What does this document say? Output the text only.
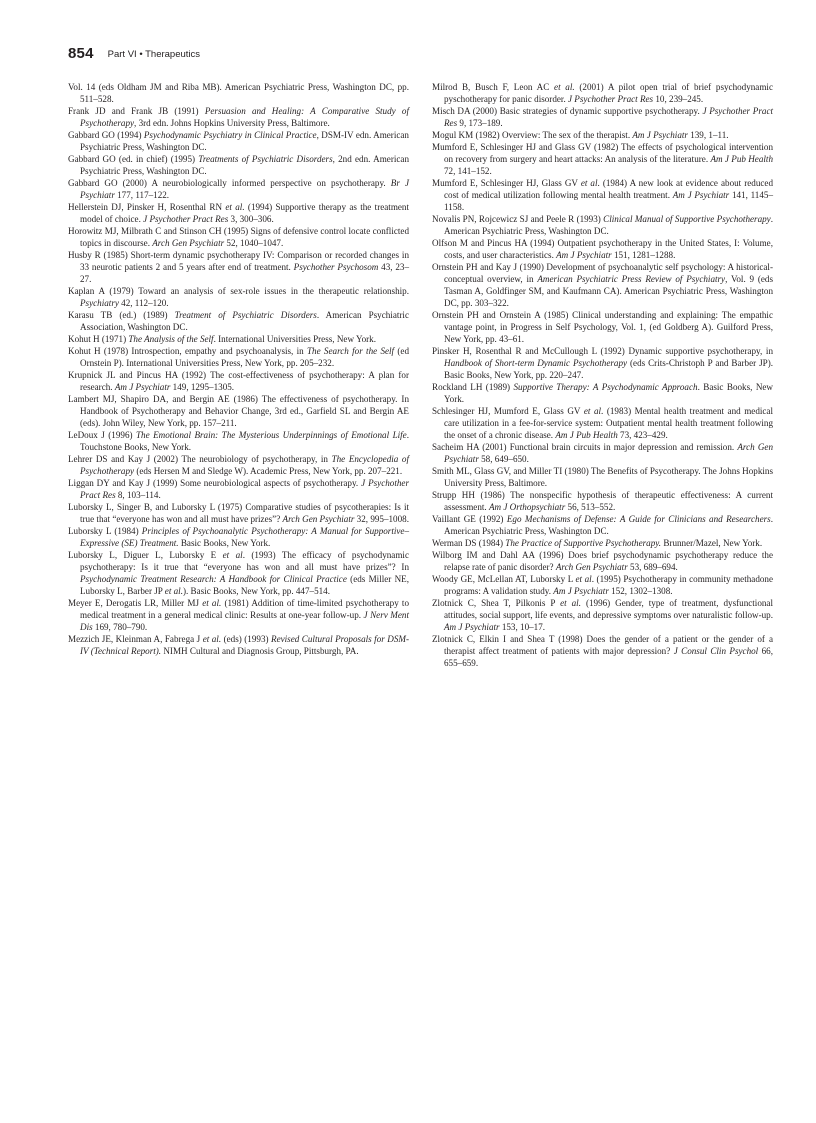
854 Part VI • Therapeutics

Vol. 14 (eds Oldham JM and Riba MB). American Psychiatric Press, Washington DC, pp. 511–528.

Frank JD and Frank JB (1991) Persuasion and Healing: A Comparative Study of Psychotherapy, 3rd edn. Johns Hopkins University Press, Baltimore.

Gabbard GO (1994) Psychodynamic Psychiatry in Clinical Practice, DSM-IV edn. American Psychiatric Press, Washington DC.

Gabbard GO (ed. in chief) (1995) Treatments of Psychiatric Disorders, 2nd edn. American Psychiatric Press, Washington DC.

Gabbard GO (2000) A neurobiologically informed perspective on psychotherapy. Br J Psychiatr 177, 117–122.

Hellerstein DJ, Pinsker H, Rosenthal RN et al. (1994) Supportive therapy as the treatment model of choice. J Psychother Pract Res 3, 300–306.

Horowitz MJ, Milbrath C and Stinson CH (1995) Signs of defensive control locate conflicted topics in discourse. Arch Gen Psychiatr 52, 1040–1047.

Husby R (1985) Short-term dynamic psychotherapy IV: Comparison or recorded changes in 33 neurotic patients 2 and 5 years after end of treatment. Psychother Psychosom 43, 23–27.

Kaplan A (1979) Toward an analysis of sex-role issues in the therapeutic relationship. Psychiatry 42, 112–120.

Karasu TB (ed.) (1989) Treatment of Psychiatric Disorders. American Psychiatric Association, Washington DC.

Kohut H (1971) The Analysis of the Self. International Universities Press, New York.

Kohut H (1978) Introspection, empathy and psychoanalysis, in The Search for the Self (ed Ornstein P). International Universities Press, New York, pp. 205–232.

Krupnick JL and Pincus HA (1992) The cost-effectiveness of psychotherapy: A plan for research. Am J Psychiatr 149, 1295–1305.

Lambert MJ, Shapiro DA, and Bergin AE (1986) The effectiveness of psychotherapy. In Handbook of Psychotherapy and Behavior Change, 3rd ed., Garfield SL and Bergin AE (eds). John Wiley, New York, pp. 157–211.

LeDoux J (1996) The Emotional Brain: The Mysterious Underpinnings of Emotional Life. Touchstone Books, New York.

Lehrer DS and Kay J (2002) The neurobiology of psychotherapy, in The Encyclopedia of Psychotherapy (eds Hersen M and Sledge W). Academic Press, New York, pp. 207–221.

Liggan DY and Kay J (1999) Some neurobiological aspects of psychotherapy. J Psychother Pract Res 8, 103–114.

Luborsky L, Singer B, and Luborsky L (1975) Comparative studies of psycotherapies: Is it true that “everyone has won and all must have prizes”? Arch Gen Psychiatr 32, 995–1008.

Luborsky L (1984) Principles of Psychoanalytic Psychotherapy: A Manual for Supportive–Expressive (SE) Treatment. Basic Books, New York.

Luborsky L, Diguer L, Luborsky E et al. (1993) The efficacy of psychodynamic psychotherapy: Is it true that “everyone has won and all must have prizes”? In Psychodynamic Treatment Research: A Handbook for Clinical Practice (eds Miller NE, Luborsky L, Barber JP et al.). Basic Books, New York, pp. 447–514.

Meyer E, Derogatis LR, Miller MJ et al. (1981) Addition of time-limited psychotherapy to medical treatment in a general medical clinic: Results at one-year follow-up. J Nerv Ment Dis 169, 780–790.

Mezzich JE, Kleinman A, Fabrega J et al. (eds) (1993) Revised Cultural Proposals for DSM-IV (Technical Report). NIMH Cultural and Diagnosis Group, Pittsburgh, PA.

Milrod B, Busch F, Leon AC et al. (2001) A pilot open trial of brief psychodynamic pyschotherapy for panic disorder. J Psychother Pract Res 10, 239–245.

Misch DA (2000) Basic strategies of dynamic supportive psychotherapy. J Psychother Pract Res 9, 173–189.

Mogul KM (1982) Overview: The sex of the therapist. Am J Psychiatr 139, 1–11.

Mumford E, Schlesinger HJ and Glass GV (1982) The effects of psychological intervention on recovery from surgery and heart attacks: An analysis of the literature. Am J Pub Health 72, 141–152.

Mumford E, Schlesinger HJ, Glass GV et al. (1984) A new look at evidence about reduced cost of medical utilization following mental health treatment. Am J Psychiatr 141, 1145–1158.

Novalis PN, Rojcewicz SJ and Peele R (1993) Clinical Manual of Supportive Psychotherapy. American Psychiatric Press, Washington DC.

Olfson M and Pincus HA (1994) Outpatient psychotherapy in the United States, I: Volume, costs, and user characteristics. Am J Psychiatr 151, 1281–1288.

Ornstein PH and Kay J (1990) Development of psychoanalytic self psychology: A historical-conceptual overview, in American Psychiatric Press Review of Psychiatry, Vol. 9 (eds Tasman A, Goldfinger SM, and Kaufmann CA). American Psychiatric Press, Washington DC, pp. 303–322.

Ornstein PH and Ornstein A (1985) Clinical understanding and explaining: The empathic vantage point, in Progress in Self Psychology, Vol. 1, (ed Goldberg A). Guilford Press, New York, pp. 43–61.

Pinsker H, Rosenthal R and McCullough L (1992) Dynamic supportive psychotherapy, in Handbook of Short-term Dynamic Psychotherapy (eds Crits-Christoph P and Barber JP). Basic Books, New York, pp. 220–247.

Rockland LH (1989) Supportive Therapy: A Psychodynamic Approach. Basic Books, New York.

Schlesinger HJ, Mumford E, Glass GV et al. (1983) Mental health treatment and medical care utilization in a fee-for-service system: Outpatient mental health treatment following the onset of a chronic disease. Am J Pub Health 73, 423–429.

Sacheim HA (2001) Functional brain circuits in major depression and remission. Arch Gen Psychiatr 58, 649–650.

Smith ML, Glass GV, and Miller TI (1980) The Benefits of Psycotherapy. The Johns Hopkins University Press, Baltimore.

Strupp HH (1986) The nonspecific hypothesis of therapeutic effectiveness: A current assessment. Am J Orthopsychiatr 56, 513–552.

Vaillant GE (1992) Ego Mechanisms of Defense: A Guide for Clinicians and Researchers. American Psychiatric Press, Washington DC.

Werman DS (1984) The Practice of Supportive Psychotherapy. Brunner/Mazel, New York.

Wilborg IM and Dahl AA (1996) Does brief psychodynamic psychotherapy reduce the relapse rate of panic disorder? Arch Gen Psychiatr 53, 689–694.

Woody GE, McLellan AT, Luborsky L et al. (1995) Psychotherapy in community methadone programs: A validation study. Am J Psychiatr 152, 1302–1308.

Zlotnick C, Shea T, Pilkonis P et al. (1996) Gender, type of treatment, dysfunctional attitudes, social support, life events, and depressive symptoms over naturalistic follow-up. Am J Psychiatr 153, 10–17.

Zlotnick C, Elkin I and Shea T (1998) Does the gender of a patient or the gender of a therapist affect treatment of patients with major depression? J Consul Clin Psychol 66, 655–659.
